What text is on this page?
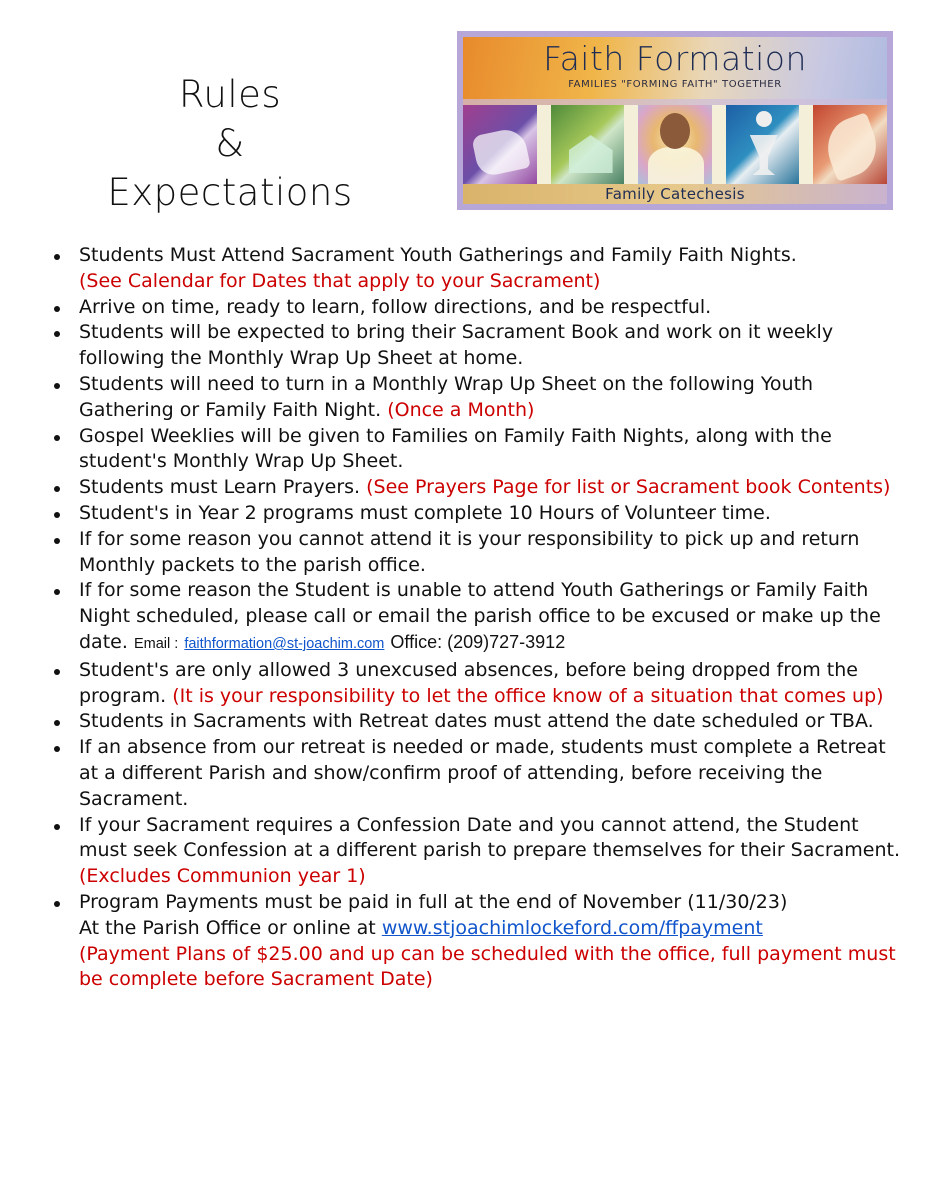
Rules
&
Expectations
Faith Formation
FAMILIES "FORMING FAITH" TOGETHER
Family Catechesis
Students Must Attend Sacrament Youth Gatherings and Family Faith Nights.
(See Calendar for Dates that apply to your Sacrament)
Arrive on time, ready to learn, follow directions, and be respectful.
Students will be expected to bring their Sacrament Book and work on it weekly following the Monthly Wrap Up Sheet at home.
Students will need to turn in a Monthly Wrap Up Sheet on the following Youth Gathering or Family Faith Night. (Once a Month)
Gospel Weeklies will be given to Families on Family Faith Nights, along with the student's Monthly Wrap Up Sheet.
Students must Learn Prayers. (See Prayers Page for list or Sacrament book Contents)
Student's in Year 2 programs must complete 10 Hours of Volunteer time.
If for some reason you cannot attend it is your responsibility to pick up and return Monthly packets to the parish office.
If for some reason the Student is unable to attend Youth Gatherings or Family Faith Night scheduled, please call or email the parish office to be excused or make up the date. Email : faithformation@st-joachim.com Office: (209)727-3912
Student's are only allowed 3 unexcused absences, before being dropped from the program. (It is your responsibility to let the office know of a situation that comes up)
Students in Sacraments with Retreat dates must attend the date scheduled or TBA.
If an absence from our retreat is needed or made, students must complete a Retreat at a different Parish and show/confirm proof of attending, before receiving the Sacrament.
If your Sacrament requires a Confession Date and you cannot attend, the Student must seek Confession at a different parish to prepare themselves for their Sacrament. (Excludes Communion year 1)
Program Payments must be paid in full at the end of November (11/30/23)
At the Parish Office or online at www.stjoachimlockeford.com/ffpayment
(Payment Plans of $25.00 and up can be scheduled with the office, full payment must be complete before Sacrament Date)
